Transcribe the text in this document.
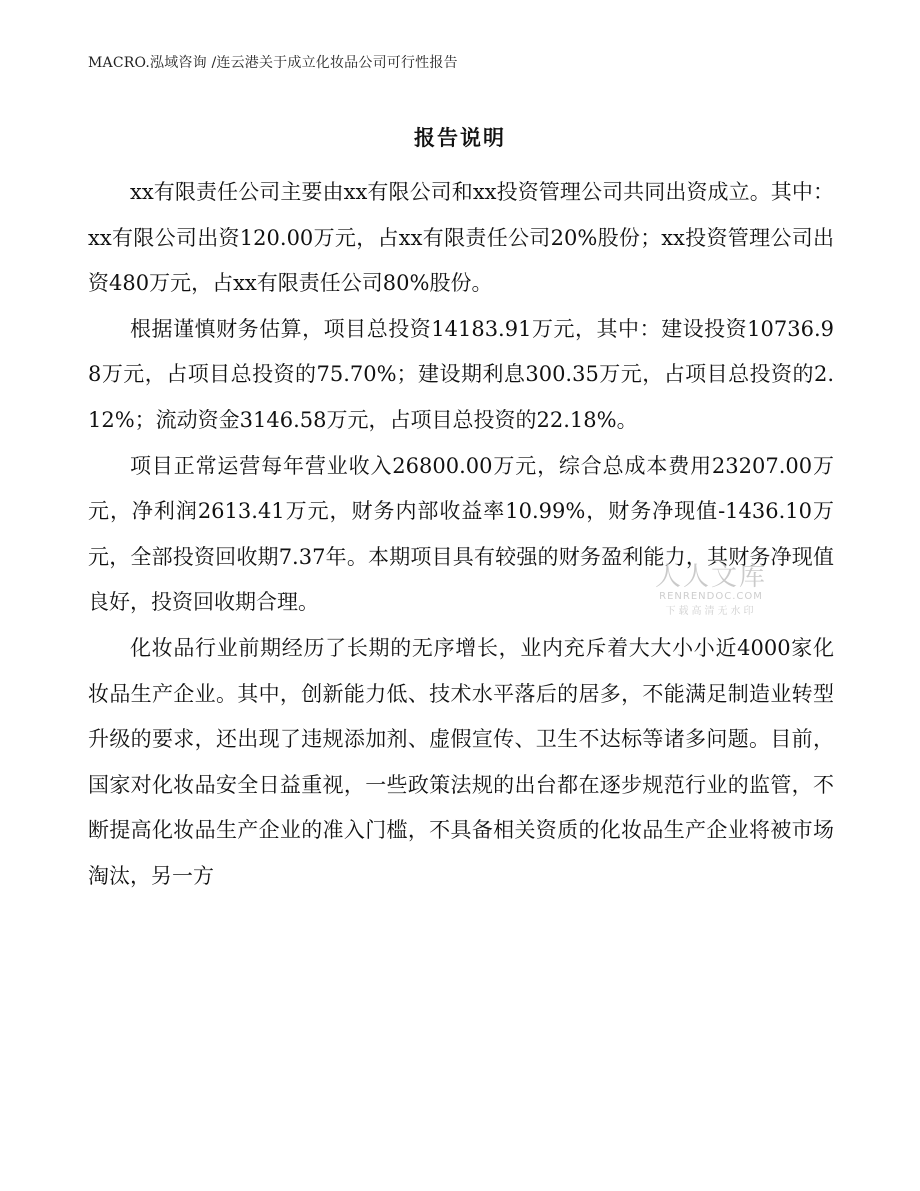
MACRO.泓域咨询 /连云港关于成立化妆品公司可行性报告
报告说明

xx有限责任公司主要由xx有限公司和xx投资管理公司共同出资成立。其中：xx有限公司出资120.00万元，占xx有限责任公司20%股份；xx投资管理公司出资480万元，占xx有限责任公司80%股份。

根据谨慎财务估算，项目总投资14183.91万元，其中：建设投资10736.98万元，占项目总投资的75.70%；建设期利息300.35万元，占项目总投资的2.12%；流动资金3146.58万元，占项目总投资的22.18%。

项目正常运营每年营业收入26800.00万元，综合总成本费用23207.00万元，净利润2613.41万元，财务内部收益率10.99%，财务净现值-1436.10万元，全部投资回收期7.37年。本期项目具有较强的财务盈利能力，其财务净现值良好，投资回收期合理。

化妆品行业前期经历了长期的无序增长，业内充斥着大大小小近4000家化妆品生产企业。其中，创新能力低、技术水平落后的居多，不能满足制造业转型升级的要求，还出现了违规添加剂、虚假宣传、卫生不达标等诸多问题。目前，国家对化妆品安全日益重视，一些政策法规的出台都在逐步规范行业的监管，不断提高化妆品生产企业的准入门槛，不具备相关资质的化妆品生产企业将被市场淘汰，另一方

人人文库
RENRENDOC.COM
下载高清无水印
